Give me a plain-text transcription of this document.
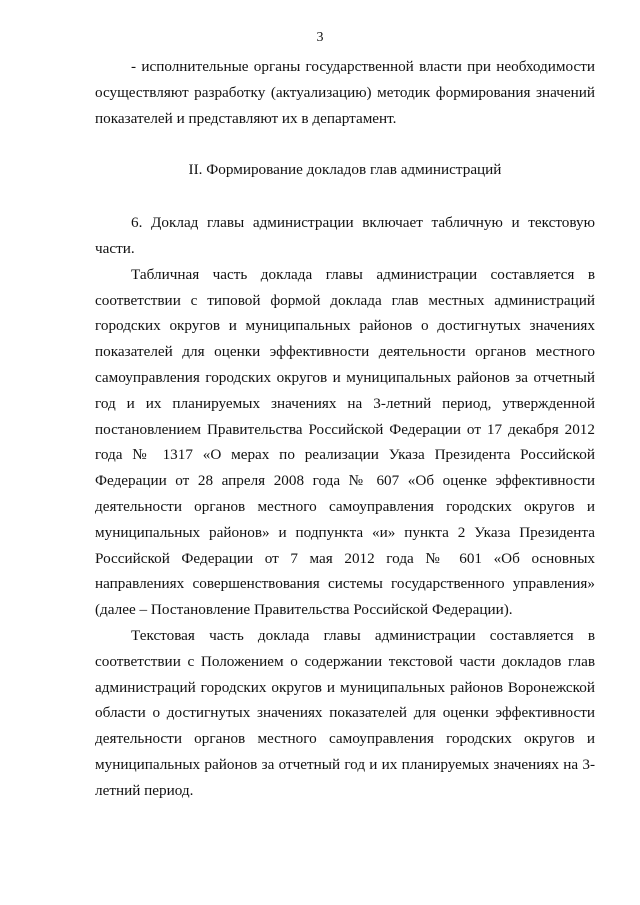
3

- исполнительные органы государственной власти при необходимости осуществляют разработку (актуализацию) методик формирования значений показателей и представляют их в департамент.

II. Формирование докладов глав администраций

6. Доклад главы администрации включает табличную и текстовую части.

Табличная часть доклада главы администрации составляется в соответствии с типовой формой доклада глав местных администраций городских округов и муниципальных районов о достигнутых значениях показателей для оценки эффективности деятельности органов местного самоуправления городских округов и муниципальных районов за отчетный год и их планируемых значениях на 3-летний период, утвержденной постановлением Правительства Российской Федерации от 17 декабря 2012 года № 1317 «О мерах по реализации Указа Президента Российской Федерации от 28 апреля 2008 года № 607 «Об оценке эффективности деятельности органов местного самоуправления городских округов и муниципальных районов» и подпункта «и» пункта 2 Указа Президента Российской Федерации от 7 мая 2012 года № 601 «Об основных направлениях совершенствования системы государственного управления» (далее – Постановление Правительства Российской Федерации).

Текстовая часть доклада главы администрации составляется в соответствии с Положением о содержании текстовой части докладов глав администраций городских округов и муниципальных районов Воронежской области о достигнутых значениях показателей для оценки эффективности деятельности органов местного самоуправления городских округов и муниципальных районов за отчетный год и их планируемых значениях на 3-летний период.
